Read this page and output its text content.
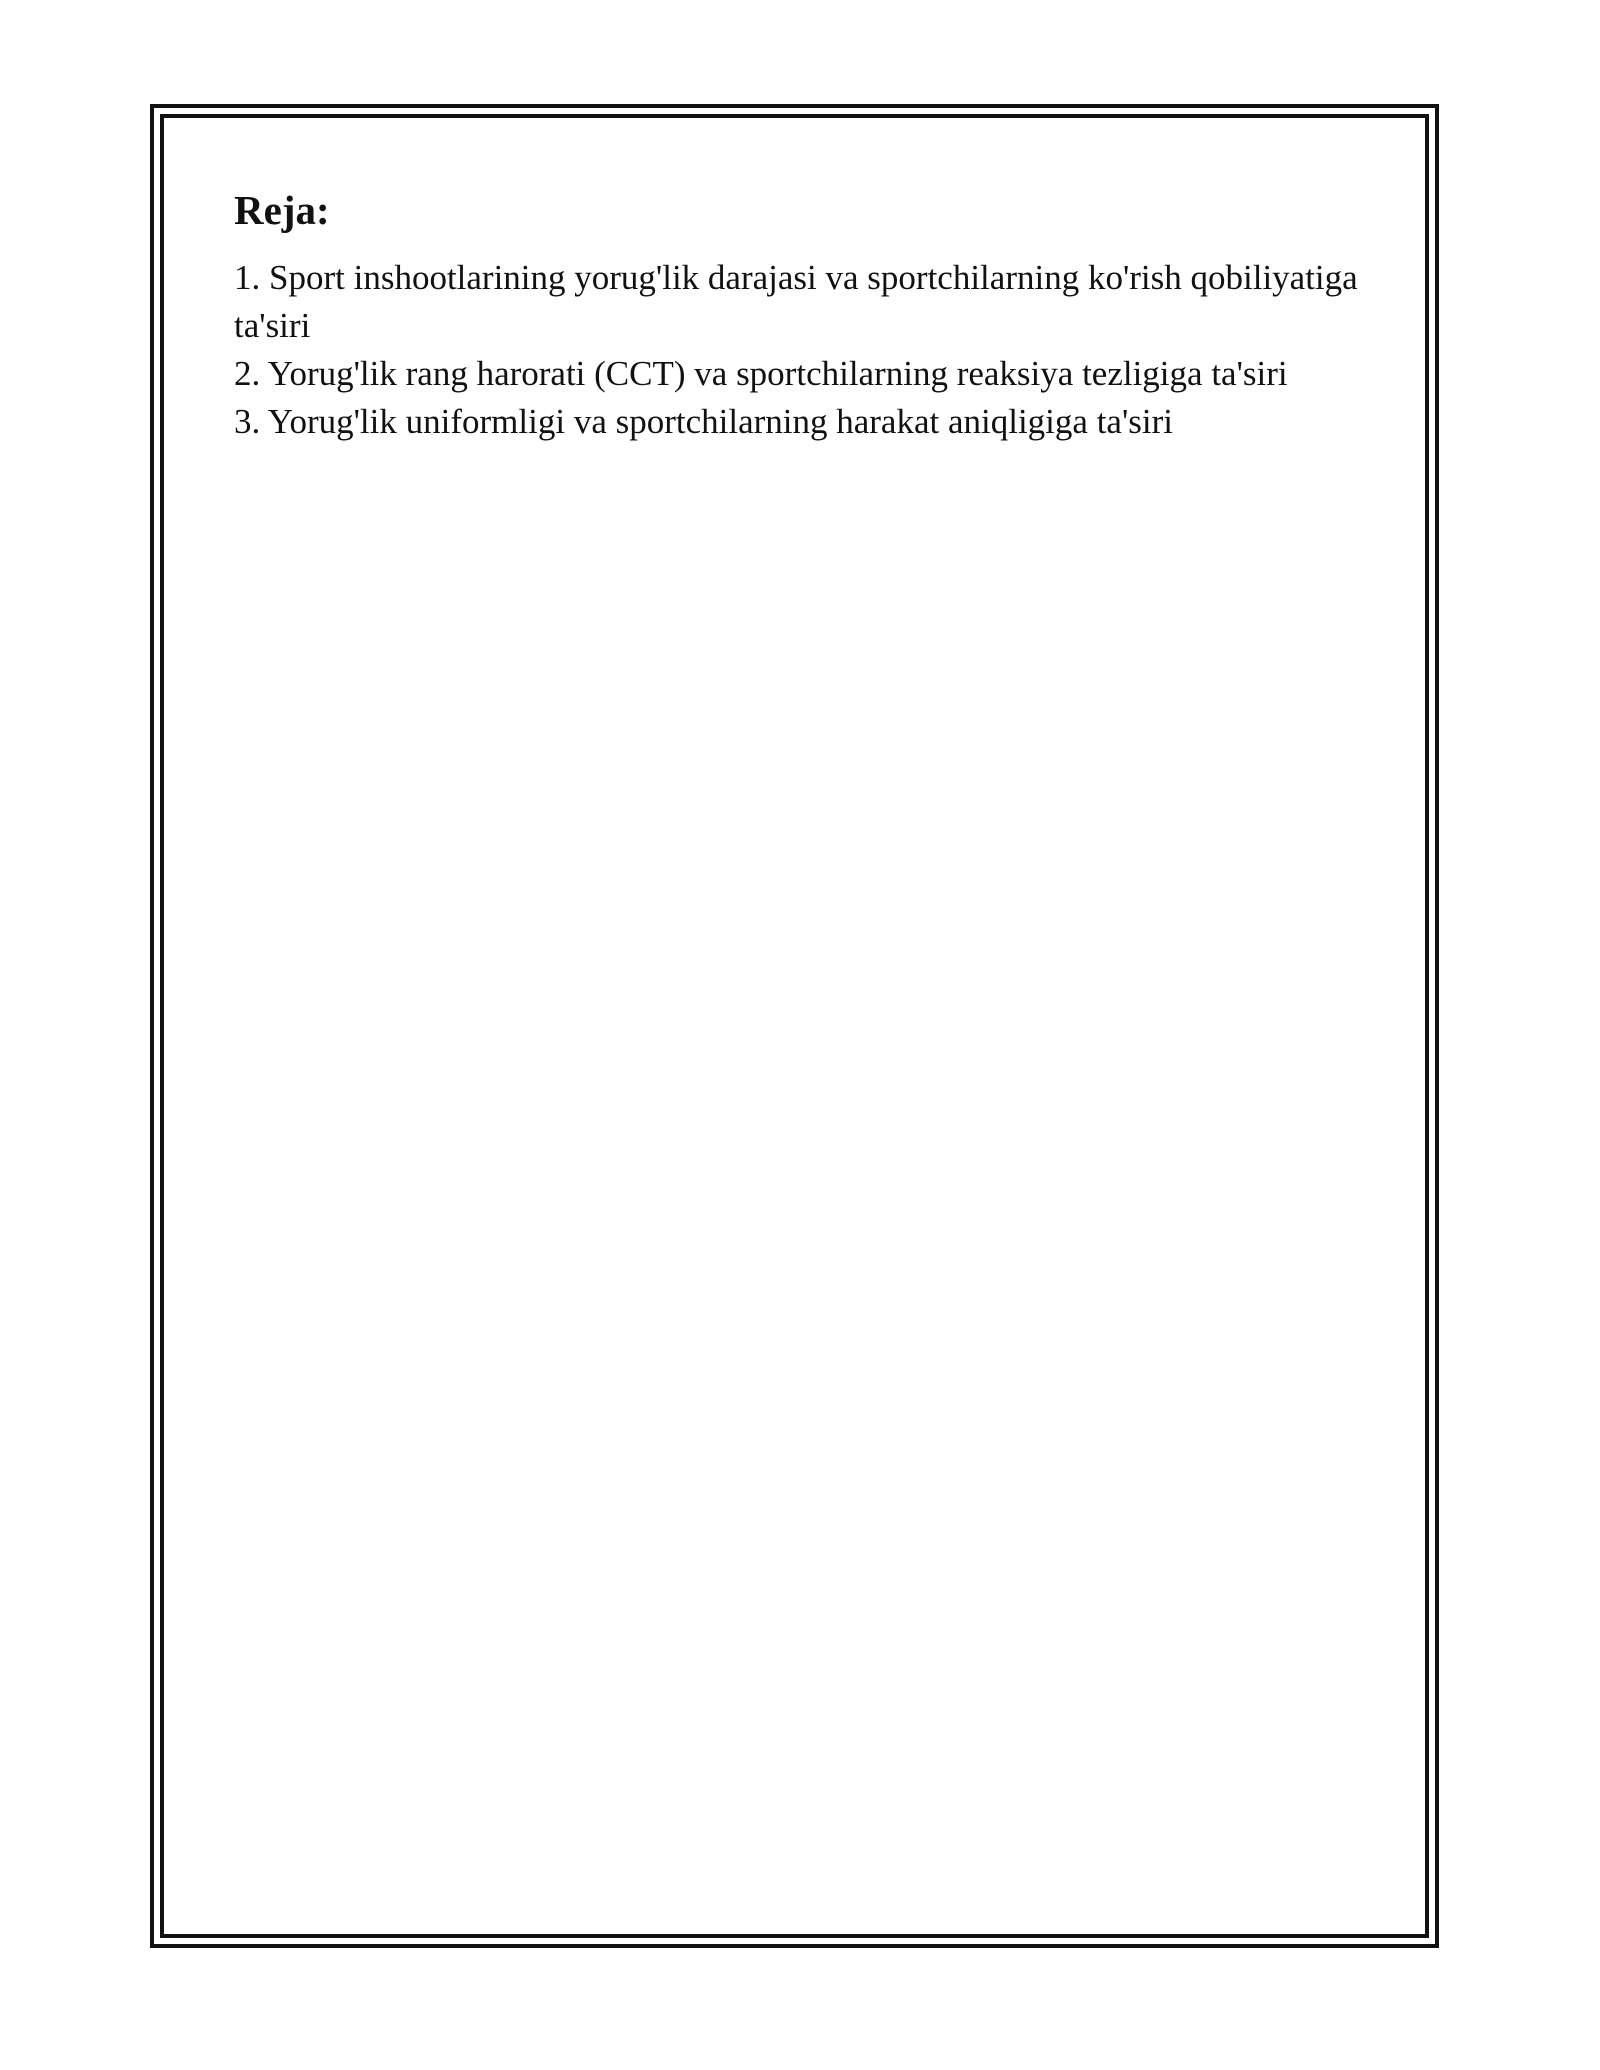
Reja:
1. Sport inshootlarining yorug'lik darajasi va sportchilarning ko'rish qobiliyatiga ta'siri
2. Yorug'lik rang harorati (CCT) va sportchilarning reaksiya tezligiga ta'siri
3. Yorug'lik uniformligi va sportchilarning harakat aniqligiga ta'siri
